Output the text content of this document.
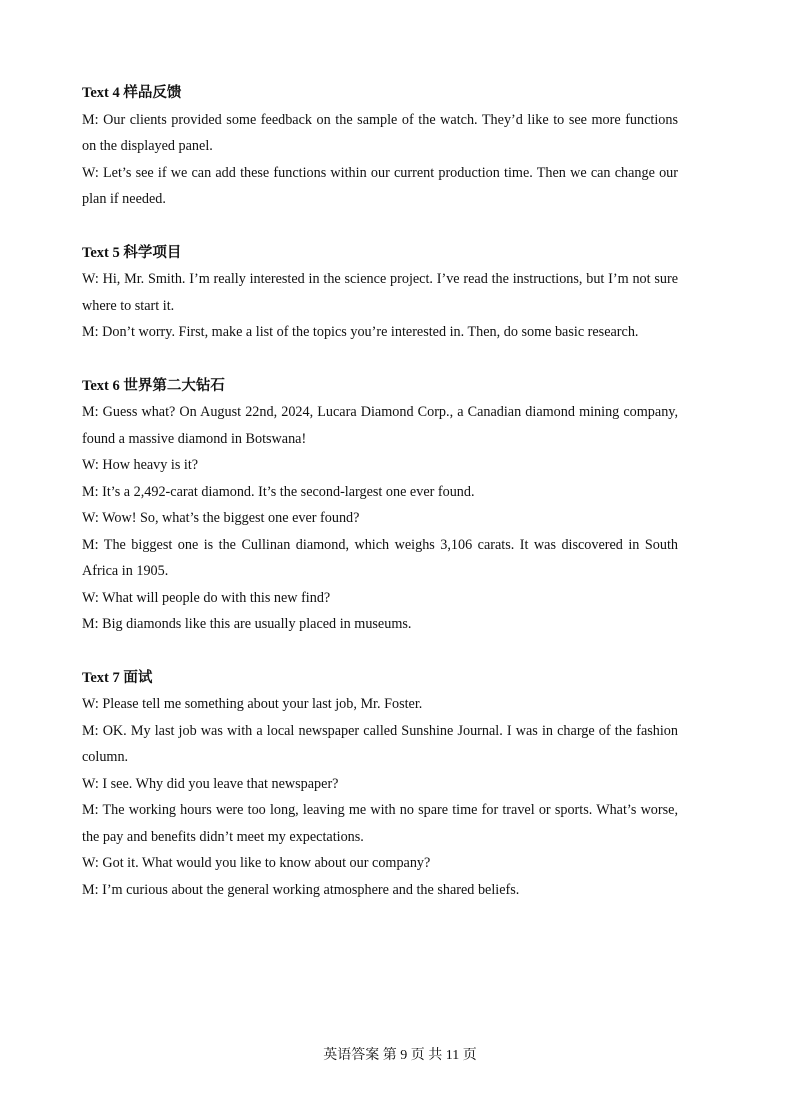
Text 4 样品反馈

M: Our clients provided some feedback on the sample of the watch. They’d like to see more functions on the displayed panel.

W: Let’s see if we can add these functions within our current production time. Then we can change our plan if needed.

Text 5 科学项目

W: Hi, Mr. Smith. I’m really interested in the science project. I’ve read the instructions, but I’m not sure where to start it.

M: Don’t worry. First, make a list of the topics you’re interested in. Then, do some basic research.

Text 6 世界第二大钻石

M: Guess what? On August 22nd, 2024, Lucara Diamond Corp., a Canadian diamond mining company, found a massive diamond in Botswana!

W: How heavy is it?

M: It’s a 2,492-carat diamond. It’s the second-largest one ever found.

W: Wow! So, what’s the biggest one ever found?

M: The biggest one is the Cullinan diamond, which weighs 3,106 carats. It was discovered in South Africa in 1905.

W: What will people do with this new find?

M: Big diamonds like this are usually placed in museums.

Text 7 面试

W: Please tell me something about your last job, Mr. Foster.

M: OK. My last job was with a local newspaper called Sunshine Journal. I was in charge of the fashion column.

W: I see. Why did you leave that newspaper?

M: The working hours were too long, leaving me with no spare time for travel or sports. What’s worse, the pay and benefits didn’t meet my expectations.

W: Got it. What would you like to know about our company?

M: I’m curious about the general working atmosphere and the shared beliefs.

英语答案 第 9 页 共 11 页
